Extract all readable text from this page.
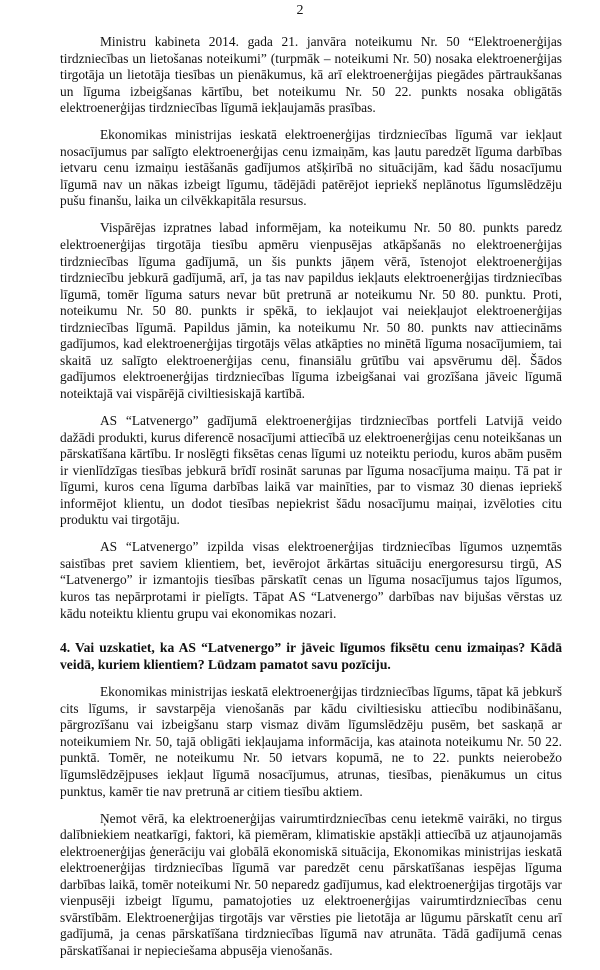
2

Ministru kabineta 2014. gada 21. janvāra noteikumu Nr. 50 “Elektroenerģijas tirdzniecības un lietošanas noteikumi” (turpmāk – noteikumi Nr. 50) nosaka elektroenerģijas tirgotāja un lietotāja tiesības un pienākumus, kā arī elektroenerģijas piegādes pārtraukšanas un līguma izbeigšanas kārtību, bet noteikumu Nr. 50 22. punkts nosaka obligātās elektroenerģijas tirdzniecības līgumā iekļaujamās prasības.

Ekonomikas ministrijas ieskatā elektroenerģijas tirdzniecības līgumā var iekļaut nosacījumus par salīgto elektroenerģijas cenu izmaiņām, kas ļautu paredzēt līguma darbības ietvaru cenu izmaiņu iestāšanās gadījumos atšķirībā no situācijām, kad šādu nosacījumu līgumā nav un nākas izbeigt līgumu, tādējādi patērējot iepriekš neplānotus līgumslēdzēju pušu finanšu, laika un cilvēkkapitāla resursus.

Vispārējas izpratnes labad informējam, ka noteikumu Nr. 50 80. punkts paredz elektroenerģijas tirgotāja tiesību apmēru vienpusējas atkāpšanās no elektroenerģijas tirdzniecības līguma gadījumā, un šis punkts jāņem vērā, īstenojot elektroenerģijas tirdzniecību jebkurā gadījumā, arī, ja tas nav papildus iekļauts elektroenerģijas tirdzniecības līgumā, tomēr līguma saturs nevar būt pretrunā ar noteikumu Nr. 50 80. punktu. Proti, noteikumu Nr. 50 80. punkts ir spēkā, to iekļaujot vai neiekļaujot elektroenerģijas tirdzniecības līgumā. Papildus jāmin, ka noteikumu Nr. 50 80. punkts nav attiecināms gadījumos, kad elektroenerģijas tirgotājs vēlas atkāpties no minētā līguma nosacījumiem, tai skaitā uz salīgto elektroenerģijas cenu, finansiālu grūtību vai apsvērumu dēļ. Šādos gadījumos elektroenerģijas tirdzniecības līguma izbeigšanai vai grozīšana jāveic līgumā noteiktajā vai vispārējā civiltiesiskajā kartībā.

AS “Latvenergo” gadījumā elektroenerģijas tirdzniecības portfeli Latvijā veido dažādi produkti, kurus diferencē nosacījumi attiecībā uz elektroenerģijas cenu noteikšanas un pārskatīšana kārtību. Ir noslēgti fiksētas cenas līgumi uz noteiktu periodu, kuros abām pusēm ir vienlīdzīgas tiesības jebkurā brīdī rosināt sarunas par līguma nosacījuma maiņu. Tā pat ir līgumi, kuros cena līguma darbības laikā var mainīties, par to vismaz 30 dienas iepriekš informējot klientu, un dodot tiesības nepiekrist šādu nosacījumu maiņai, izvēloties citu produktu vai tirgotāju.

AS “Latvenergo” izpilda visas elektroenerģijas tirdzniecības līgumos uzņemtās saistības pret saviem klientiem, bet, ievērojot ārkārtas situāciju energoresursu tirgū, AS “Latvenergo” ir izmantojis tiesības pārskatīt cenas un līguma nosacījumus tajos līgumos, kuros tas nepārprotami ir pielīgts. Tāpat AS “Latvenergo” darbības nav bijušas vērstas uz kādu noteiktu klientu grupu vai ekonomikas nozari.

4. Vai uzskatiet, ka AS “Latvenergo” ir jāveic līgumos fiksētu cenu izmaiņas? Kādā veidā, kuriem klientiem? Lūdzam pamatot savu pozīciju.

Ekonomikas ministrijas ieskatā elektroenerģijas tirdzniecības līgums, tāpat kā jebkurš cits līgums, ir savstarpēja vienošanās par kādu civiltiesisku attiecību nodibināšanu, pārgrozīšanu vai izbeigšanu starp vismaz divām līgumslēdzēju pusēm, bet saskaņā ar noteikumiem Nr. 50, tajā obligāti iekļaujama informācija, kas atainota noteikumu Nr. 50 22. punktā. Tomēr, ne noteikumu Nr. 50 ietvars kopumā, ne to 22. punkts neierobežo līgumslēdzējpuses iekļaut līgumā nosacījumus, atrunas, tiesības, pienākumus un citus punktus, kamēr tie nav pretrunā ar citiem tiesību aktiem.

Ņemot vērā, ka elektroenerģijas vairumtirdzniecības cenu ietekmē vairāki, no tirgus dalībniekiem neatkarīgi, faktori, kā piemēram, klimatiskie apstākļi attiecībā uz atjaunojamās elektroenerģijas ģenerāciju vai globālā ekonomiskā situācija, Ekonomikas ministrijas ieskatā elektroenerģijas tirdzniecības līgumā var paredzēt cenu pārskatīšanas iespējas līguma darbības laikā, tomēr noteikumi Nr. 50 neparedz gadījumus, kad elektroenerģijas tirgotājs var vienpusēji izbeigt līgumu, pamatojoties uz elektroenerģijas vairumtirdzniecības cenu svārstībām. Elektroenerģijas tirgotājs var vērsties pie lietotāja ar lūgumu pārskatīt cenu arī gadījumā, ja cenas pārskatīšana tirdzniecības līgumā nav atrunāta. Tādā gadījumā cenas pārskatīšanai ir nepieciešama abpusēja vienošanās.
